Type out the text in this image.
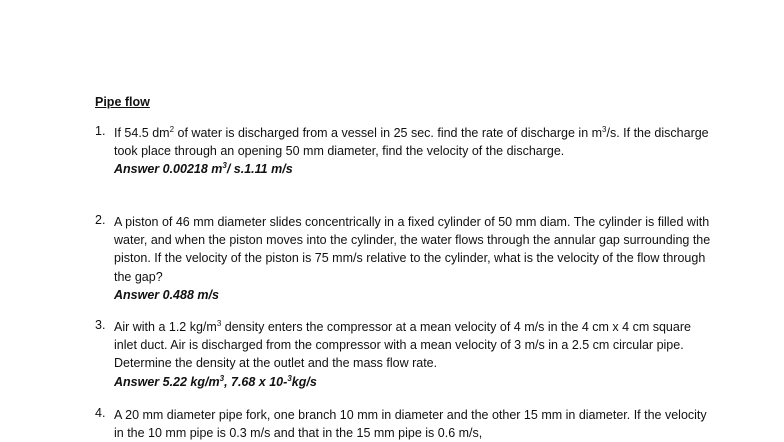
Pipe flow
1. If 54.5 $dm^2$ of water is discharged from a vessel in 25 sec. find the rate of discharge in $m^3/s$. If the discharge took place through an opening 50 mm diameter, find the velocity of the discharge.
Answer 0.00218 $m^3/$ s.1.11 m/s
2. A piston of 46 mm diameter slides concentrically in a fixed cylinder of 50 mm diam. The cylinder is filled with water, and when the piston moves into the cylinder, the water flows through the annular gap surrounding the piston. If the velocity of the piston is 75 mm/s relative to the cylinder, what is the velocity of the flow through the gap?
Answer 0.488 m/s
3. Air with a 1.2 $kg/m^3$ density enters the compressor at a mean velocity of 4 m/s in the 4 cm x 4 cm square inlet duct. Air is discharged from the compressor with a mean velocity of 3 m/s in a 2.5 cm circular pipe. Determine the density at the outlet and the mass flow rate.
Answer 5.22 $kg/m^3$, 7.68 x 10-$^3$kg/s
4. A 20 mm diameter pipe fork, one branch 10 mm in diameter and the other 15 mm in diameter. If the velocity in the 10 mm pipe is 0.3 m/s and that in the 15 mm pipe is 0.6 m/s,
